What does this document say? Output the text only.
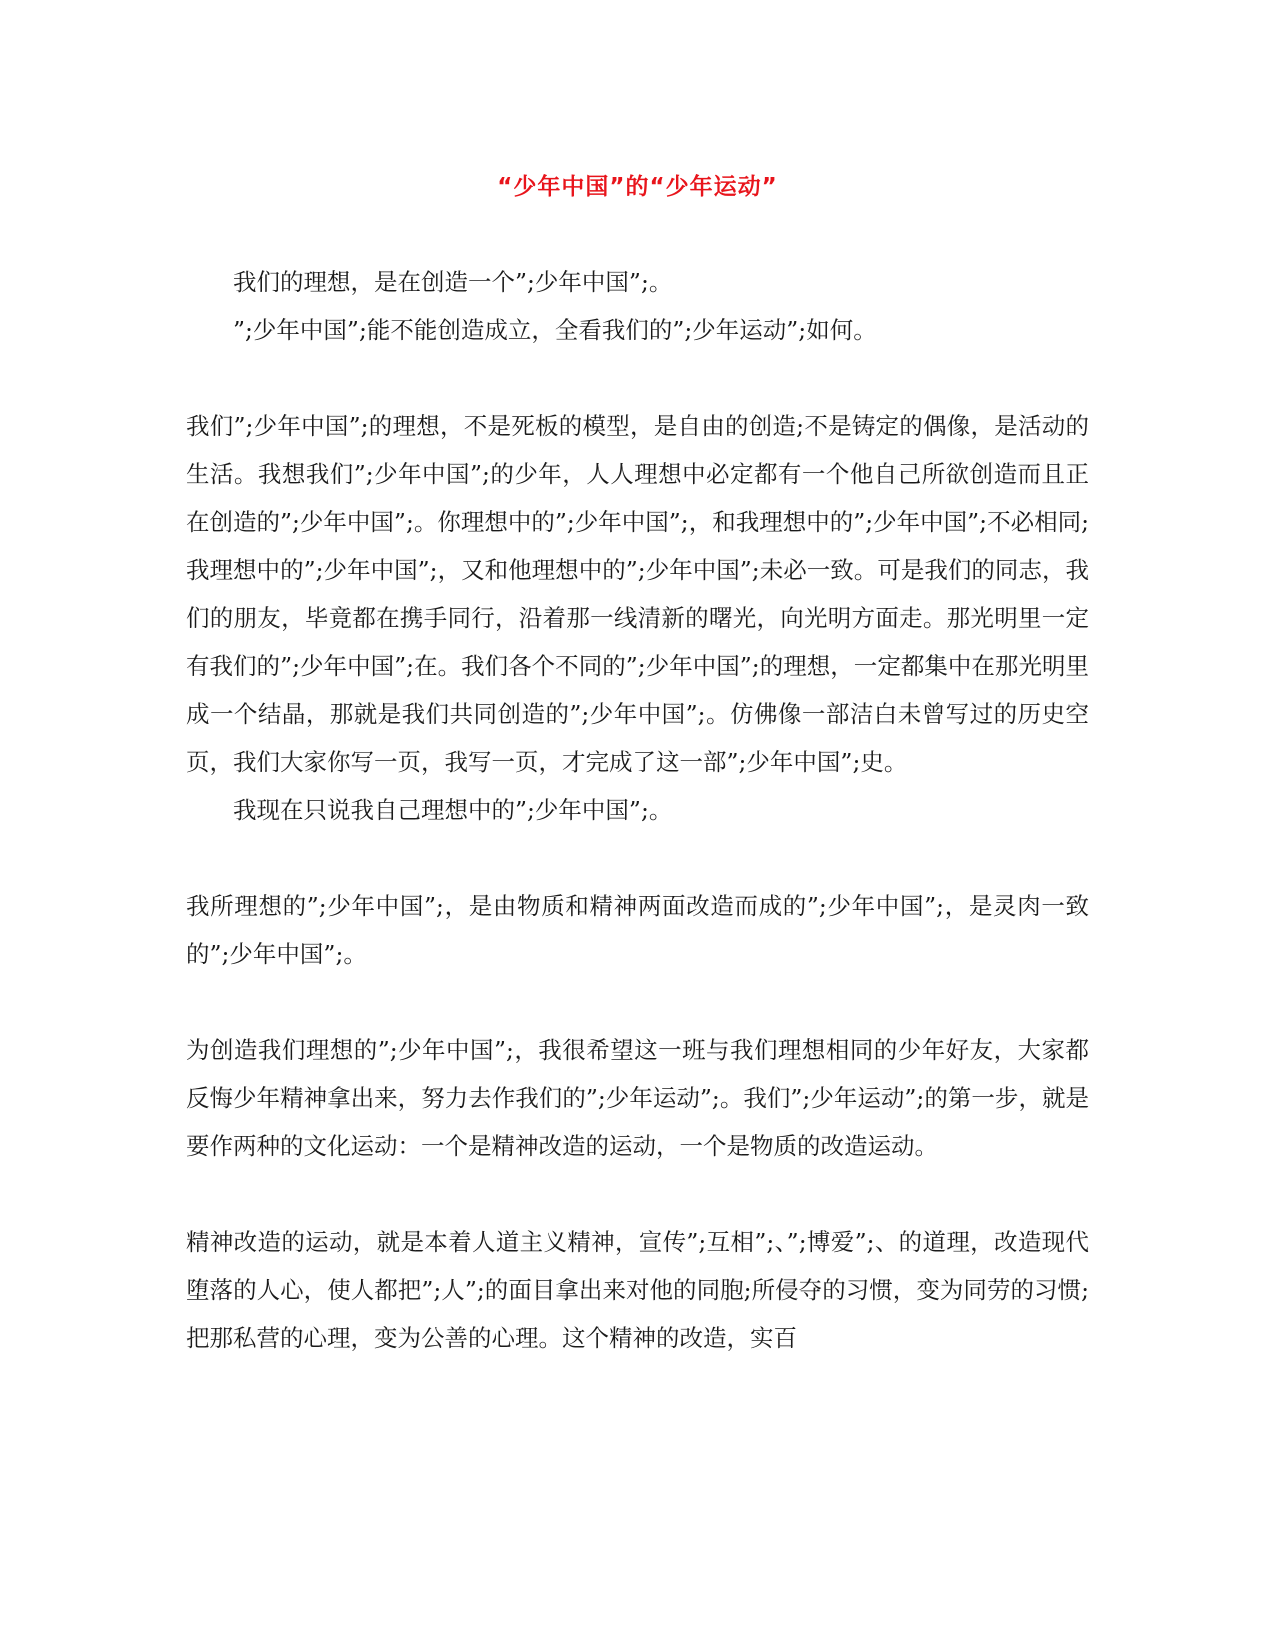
“少年中国”的“少年运动”

我们的理想，是在创造一个”;少年中国”;。

”;少年中国”;能不能创造成立，全看我们的”;少年运动”;如何。

我们”;少年中国”;的理想，不是死板的模型，是自由的创造;不是铸定的偶像，是活动的生活。我想我们”;少年中国”;的少年，人人理想中必定都有一个他自己所欲创造而且正在创造的”;少年中国”;。你理想中的”;少年中国”;，和我理想中的”;少年中国”;不必相同;我理想中的”;少年中国”;，又和他理想中的”;少年中国”;未必一致。可是我们的同志，我们的朋友，毕竟都在携手同行，沿着那一线清新的曙光，向光明方面走。那光明里一定有我们的”;少年中国”;在。我们各个不同的”;少年中国”;的理想，一定都集中在那光明里成一个结晶，那就是我们共同创造的”;少年中国”;。仿佛像一部洁白未曾写过的历史空页，我们大家你写一页，我写一页，才完成了这一部”;少年中国”;史。

我现在只说我自己理想中的”;少年中国”;。

我所理想的”;少年中国”;，是由物质和精神两面改造而成的”;少年中国”;，是灵肉一致的”;少年中国”;。

为创造我们理想的”;少年中国”;，我很希望这一班与我们理想相同的少年好友，大家都反悔少年精神拿出来，努力去作我们的”;少年运动”;。我们”;少年运动”;的第一步，就是要作两种的文化运动：一个是精神改造的运动，一个是物质的改造运动。

精神改造的运动，就是本着人道主义精神，宣传”;互相”;、”;博爱”;、的道理，改造现代堕落的人心，使人都把”;人”;的面目拿出来对他的同胞;所侵夺的习惯，变为同劳的习惯;把那私营的心理，变为公善的心理。这个精神的改造，实百
